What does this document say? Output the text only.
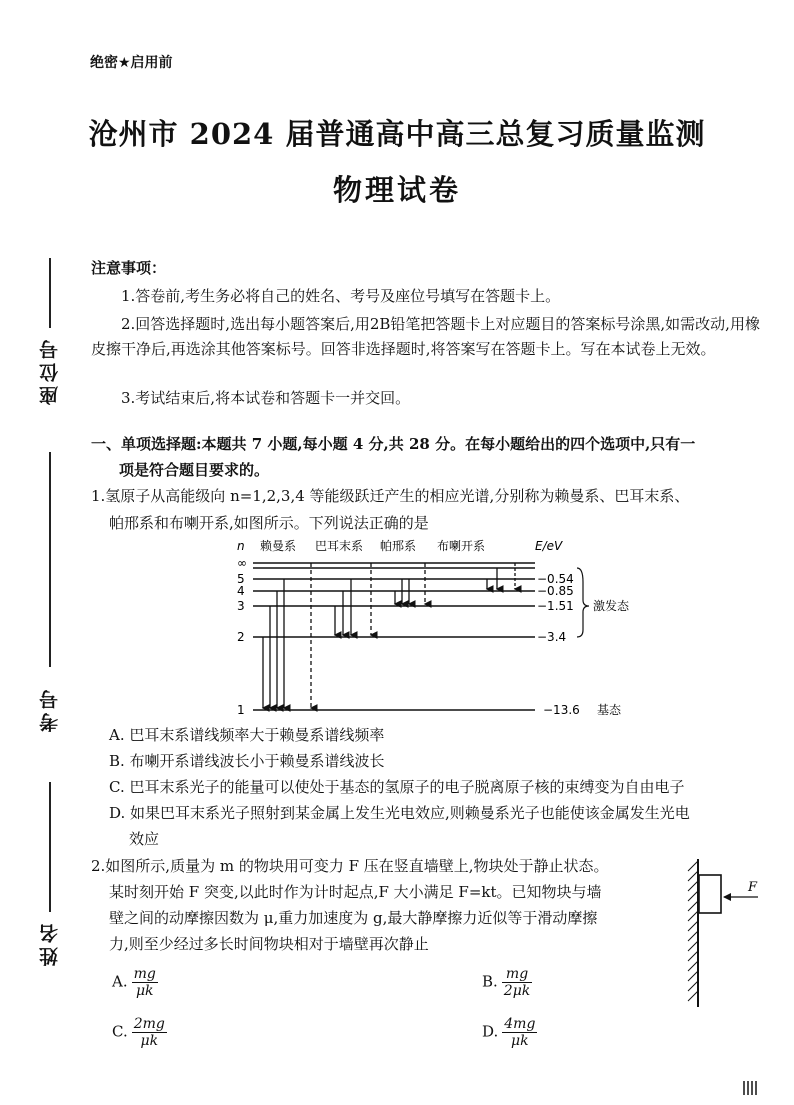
绝密★启用前
沧州市 2024 届普通高中高三总复习质量监测
物理试卷
座位号
考号
姓名
注意事项：
1.答卷前,考生务必将自己的姓名、考号及座位号填写在答题卡上。
2.回答选择题时,选出每小题答案后,用2B铅笔把答题卡上对应题目的答案标号涂黑,如需改动,用橡皮擦干净后,再选涂其他答案标号。回答非选择题时,将答案写在答题卡上。写在本试卷上无效。
3.考试结束后,将本试卷和答题卡一并交回。
一、单项选择题:本题共 7 小题,每小题 4 分,共 28 分。在每小题给出的四个选项中,只有一
项是符合题目要求的。
1.氢原子从高能级向 n=1,2,3,4 等能级跃迁产生的相应光谱,分别称为赖曼系、巴耳末系、
帕邢系和布喇开系,如图所示。下列说法正确的是
n	E/eV
赖曼系 巴耳末系 帕邢系 布喇开系
∞
5
4
3
2
1
−0.54
−0.85
−1.51
−3.4
−13.6 基态
激发态
A. 巴耳末系谱线频率大于赖曼系谱线频率
B. 布喇开系谱线波长小于赖曼系谱线波长
C. 巴耳末系光子的能量可以使处于基态的氢原子的电子脱离原子核的束缚变为自由电子
D. 如果巴耳末系光子照射到某金属上发生光电效应,则赖曼系光子也能使该金属发生光电
效应
2.如图所示,质量为 m 的物块用可变力 F 压在竖直墙壁上,物块处于静止状态。
某时刻开始 F 突变,以此时作为计时起点,F 大小满足 F=kt。已知物块与墙
壁之间的动摩擦因数为 μ,重力加速度为 g,最大静摩擦力近似等于滑动摩擦
力,则至少经过多长时间物块相对于墙壁再次静止
F
A. $\frac{mg}{\mu k}$	B. $\frac{mg}{2\mu k}$
C. $\frac{2mg}{\mu k}$	D. $\frac{4mg}{\mu k}$
